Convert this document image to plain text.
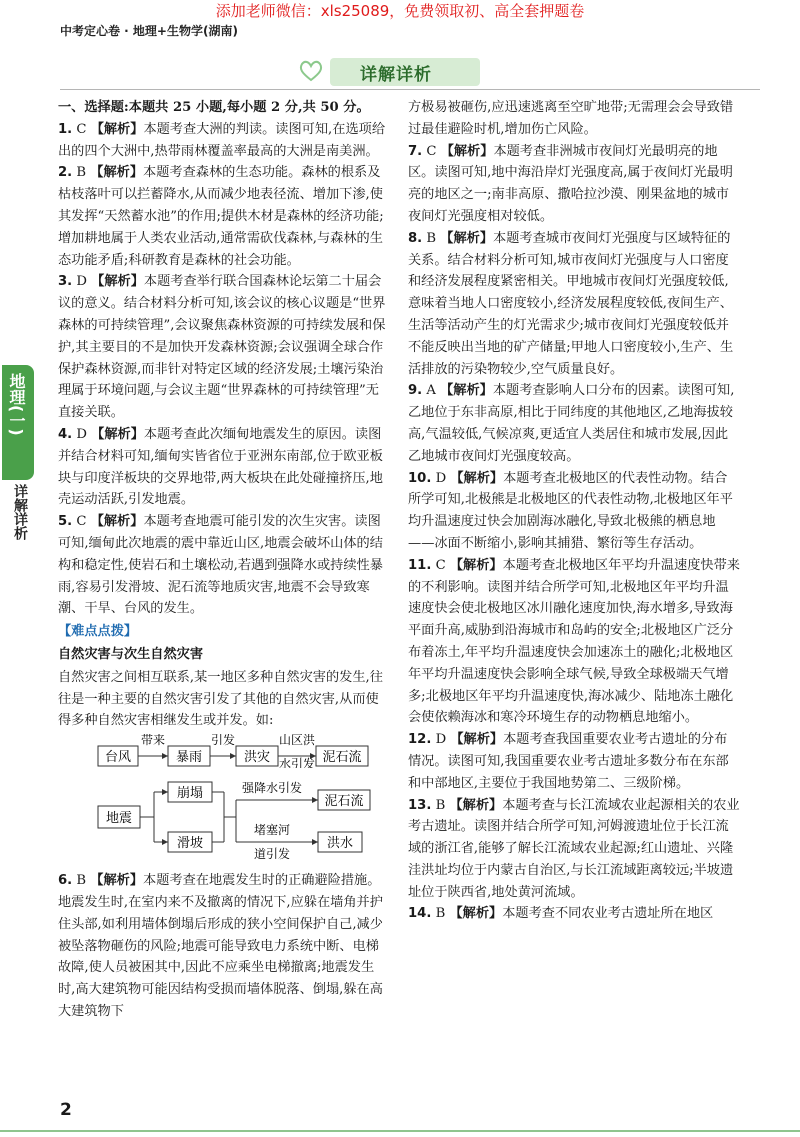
添加老师微信：xls25089，免费领取初、高全套押题卷
中考定心卷 · 地理+生物学(湖南)
详解详析
地理(一)
详解详析

一、选择题:本题共 25 小题,每小题 2 分,共 50 分。

1. C 【解析】本题考查大洲的判读。读图可知,在选项给出的四个大洲中,热带雨林覆盖率最高的大洲是南美洲。

2. B 【解析】本题考查森林的生态功能。森林的根系及枯枝落叶可以拦蓄降水,从而减少地表径流、增加下渗,使其发挥“天然蓄水池”的作用;提供木材是森林的经济功能;增加耕地属于人类农业活动,通常需砍伐森林,与森林的生态功能矛盾;科研教育是森林的社会功能。

3. D 【解析】本题考查举行联合国森林论坛第二十届会议的意义。结合材料分析可知,该会议的核心议题是“世界森林的可持续管理”,会议聚焦森林资源的可持续发展和保护,其主要目的不是加快开发森林资源;会议强调全球合作保护森林资源,而非针对特定区域的经济发展;土壤污染治理属于环境问题,与会议主题“世界森林的可持续管理”无直接关联。

4. D 【解析】本题考查此次缅甸地震发生的原因。读图并结合材料可知,缅甸实皆省位于亚洲东南部,位于欧亚板块与印度洋板块的交界地带,两大板块在此处碰撞挤压,地壳运动活跃,引发地震。

5. C 【解析】本题考查地震可能引发的次生灾害。读图可知,缅甸此次地震的震中靠近山区,地震会破坏山体的结构和稳定性,使岩石和土壤松动,若遇到强降水或持续性暴雨,容易引发滑坡、泥石流等地质灾害,地震不会导致寒潮、干旱、台风的发生。

【难点点拨】

自然灾害与次生自然灾害

自然灾害之间相互联系,某一地区多种自然灾害的发生,往往是一种主要的自然灾害引发了其他的自然灾害,从而使得多种自然灾害相继发生或并发。如:

台风
带来
暴雨
引发
洪灾
山区洪
水引发 泥石流
地震
崩塌
滑坡
强降水引发
堵塞河
道引发
泥石流
洪水

6. B 【解析】本题考查在地震发生时的正确避险措施。地震发生时,在室内来不及撤离的情况下,应躲在墙角并护住头部,如利用墙体倒塌后形成的狭小空间保护自己,减少被坠落物砸伤的风险;地震可能导致电力系统中断、电梯故障,使人员被困其中,因此不应乘坐电梯撤离;地震发生时,高大建筑物可能因结构受损而墙体脱落、倒塌,躲在高大建筑物下

方极易被砸伤,应迅速逃离至空旷地带;无需理会会导致错过最佳避险时机,增加伤亡风险。

7. C 【解析】本题考查非洲城市夜间灯光最明亮的地区。读图可知,地中海沿岸灯光强度高,属于夜间灯光最明亮的地区之一;南非高原、撒哈拉沙漠、刚果盆地的城市夜间灯光强度相对较低。

8. B 【解析】本题考查城市夜间灯光强度与区域特征的关系。结合材料分析可知,城市夜间灯光强度与人口密度和经济发展程度紧密相关。甲地城市夜间灯光强度较低,意味着当地人口密度较小,经济发展程度较低,夜间生产、生活等活动产生的灯光需求少;城市夜间灯光强度较低并不能反映出当地的矿产储量;甲地人口密度较小,生产、生活排放的污染物较少,空气质量良好。

9. A 【解析】本题考查影响人口分布的因素。读图可知,乙地位于东非高原,相比于同纬度的其他地区,乙地海拔较高,气温较低,气候凉爽,更适宜人类居住和城市发展,因此乙地城市夜间灯光强度较高。

10. D 【解析】本题考查北极地区的代表性动物。结合所学可知,北极熊是北极地区的代表性动物,北极地区年平均升温速度过快会加剧海冰融化,导致北极熊的栖息地——冰面不断缩小,影响其捕猎、繁衍等生存活动。

11. C 【解析】本题考查北极地区年平均升温速度快带来的不利影响。读图并结合所学可知,北极地区年平均升温速度快会使北极地区冰川融化速度加快,海水增多,导致海平面升高,威胁到沿海城市和岛屿的安全;北极地区广泛分布着冻土,年平均升温速度快会加速冻土的融化;北极地区年平均升温速度快会影响全球气候,导致全球极端天气增多;北极地区年平均升温速度快,海冰减少、陆地冻土融化会使依赖海冰和寒冷环境生存的动物栖息地缩小。

12. D 【解析】本题考查我国重要农业考古遗址的分布情况。读图可知,我国重要农业考古遗址多数分布在东部和中部地区,主要位于我国地势第二、三级阶梯。

13. B 【解析】本题考查与长江流域农业起源相关的农业考古遗址。读图并结合所学可知,河姆渡遗址位于长江流域的浙江省,能够了解长江流域农业起源;红山遗址、兴隆洼洪址均位于内蒙古自治区,与长江流域距离较远;半坡遗址位于陕西省,地处黄河流域。

14. B 【解析】本题考查不同农业考古遗址所在地区

2
